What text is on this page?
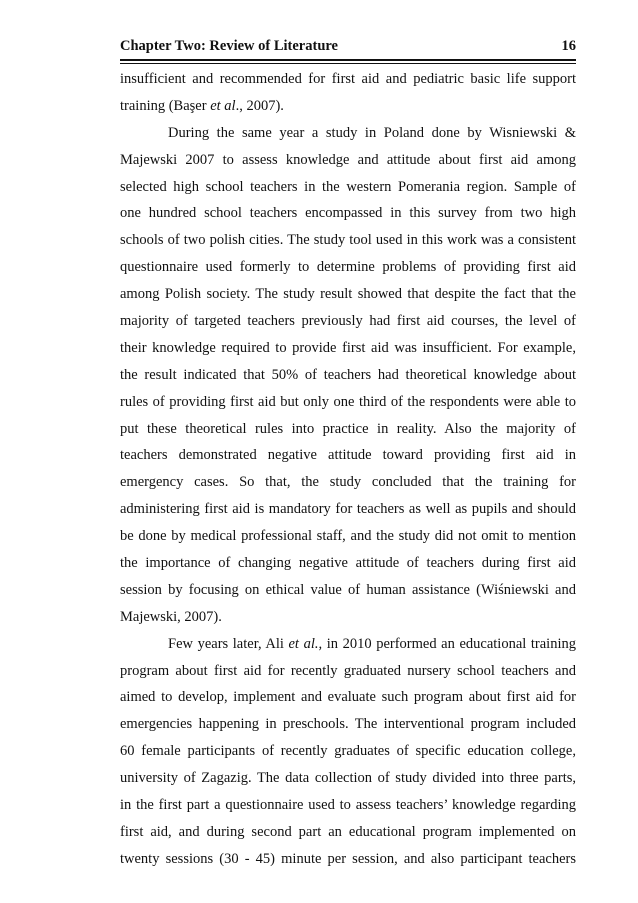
Chapter Two: Review of Literature	16
insufficient and recommended for first aid and pediatric basic life support
training (Başer et al., 2007).
During the same year a study in Poland done by Wisniewski &
Majewski 2007 to assess knowledge and attitude about first aid among
selected high school teachers in the western Pomerania region. Sample of
one hundred school teachers encompassed in this survey from two high
schools of two polish cities. The study tool used in this work was a consistent
questionnaire used formerly to determine problems of providing first aid
among Polish society. The study result showed that despite the fact that the
majority of targeted teachers previously had first aid courses, the level of
their knowledge required to provide first aid was insufficient. For example,
the result indicated that 50% of teachers had theoretical knowledge about
rules of providing first aid but only one third of the respondents were able to
put these theoretical rules into practice in reality. Also the majority of
teachers demonstrated negative attitude toward providing first aid in
emergency cases. So that, the study concluded that the training for
administering first aid is mandatory for teachers as well as pupils and should
be done by medical professional staff, and the study did not omit to mention
the importance of changing negative attitude of teachers during first aid
session by focusing on ethical value of human assistance (Wiśniewski and
Majewski, 2007).
Few years later, Ali et al., in 2010 performed an educational training
program about first aid for recently graduated nursery school teachers and
aimed to develop, implement and evaluate such program about first aid for
emergencies happening in preschools. The interventional program included
60 female participants of recently graduates of specific education college,
university of Zagazig. The data collection of study divided into three parts,
in the first part a questionnaire used to assess teachers’ knowledge regarding
first aid, and during second part an educational program implemented on
twenty sessions (30 - 45) minute per session, and also participant teachers
